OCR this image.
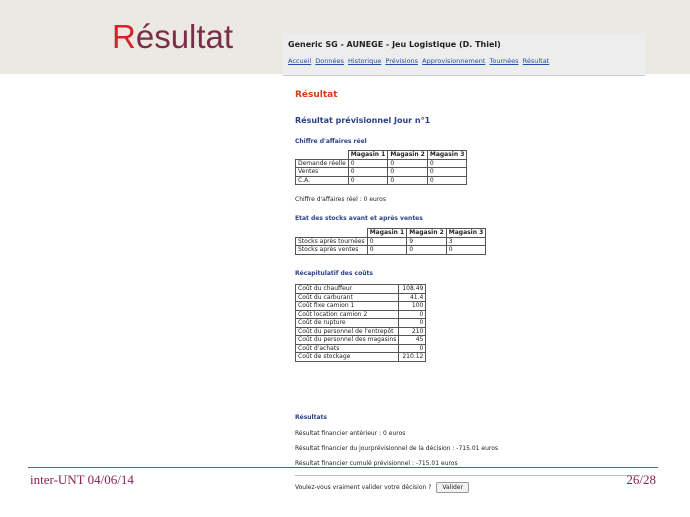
Résultat	Generic SG - AUNEGE - Jeu Logistique (D. Thiel)
Accueil Données Historique Prévisions Approvisionnement Tournées Résultat
Résultat
Résultat prévisionnel Jour n°1
Chiffre d'affaires réel
	Magasin 1	Magasin 2	Magasin 3
Demande réelle	0	0	0
Ventes	0	0	0
C.A.	0	0	0
Chiffre d'affaires réel : 0 euros
Etat des stocks avant et après ventes
	Magasin 1	Magasin 2	Magasin 3
Stocks après tournées	0	9	3
Stocks après ventes	0	0	0
Récapitulatif des coûts
Coût du chauffeur	108.49
Coût du carburant	41.4
Coût fixe camion 1	100
Coût location camion 2	0
Coût de rupture	0
Coût du personnel de l'entrepôt	210
Coût du personnel des magasins	45
Coût d'achats	0
Coût de stockage	210.12
Résultats
Résultat financier antérieur : 0 euros
Résultat financier du jourprévisionnel de la décision : -715.01 euros
Résultat financier cumulé prévisionnel : -715.01 euros
Voulez-vous vraiment valider votre décision ? Valider
inter-UNT 04/06/14	26/28
